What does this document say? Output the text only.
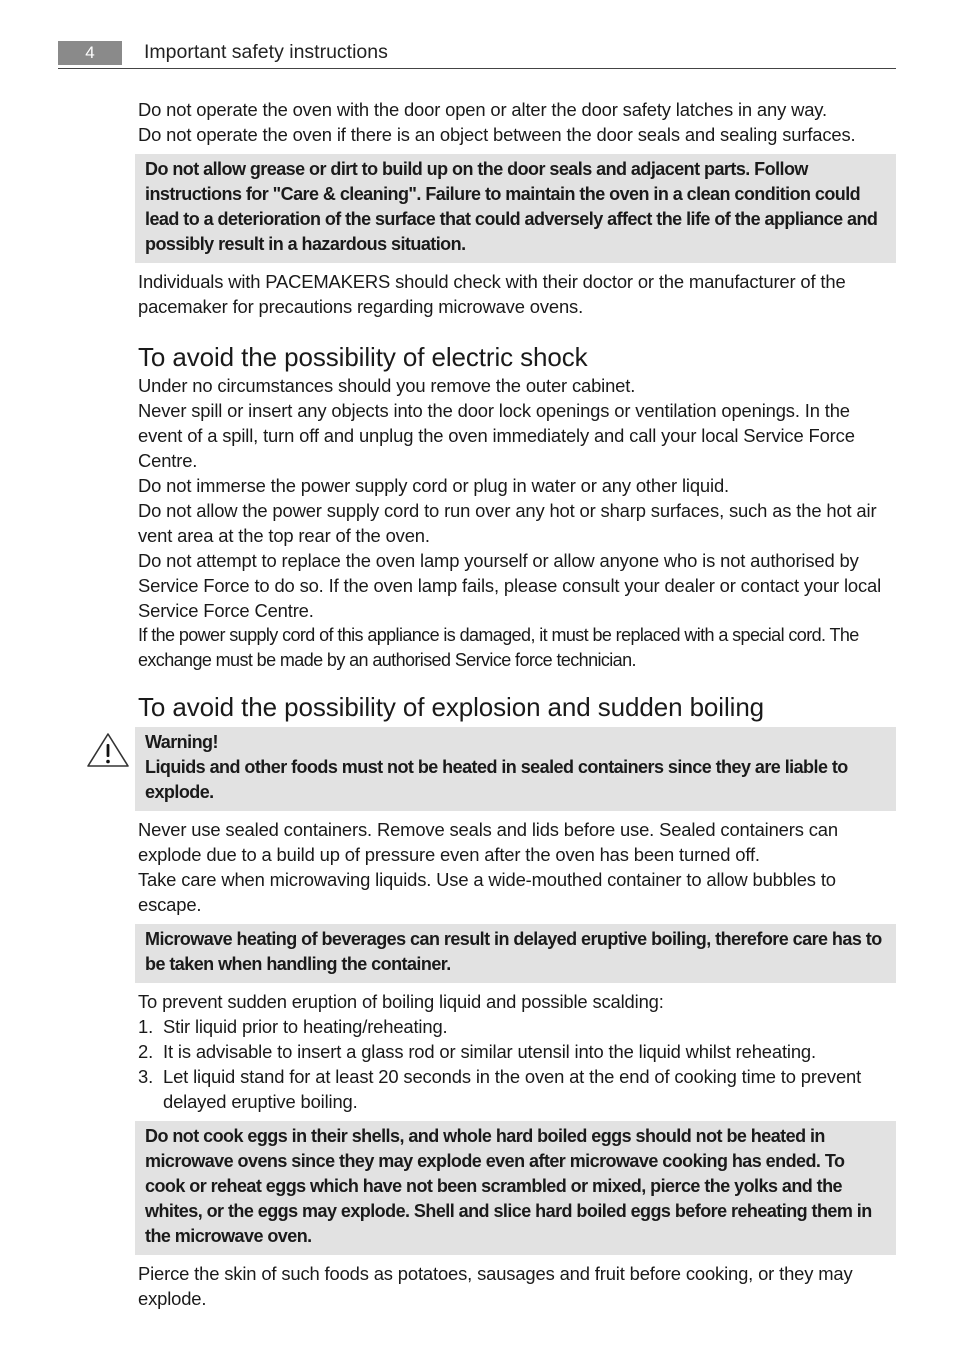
4	Important safety instructions

Do not operate the oven with the door open or alter the door safety latches in any way.

Do not operate the oven if there is an object between the door seals and sealing surfaces.

Do not allow grease or dirt to build up on the door seals and adjacent parts. Follow instructions for "Care & cleaning". Failure to maintain the oven in a clean condition could lead to a deterioration of the surface that could adversely affect the life of the appliance and possibly result in a hazardous situation.

Individuals with PACEMAKERS should check with their doctor or the manufacturer of the pacemaker for precautions regarding microwave ovens.

To avoid the possibility of electric shock

Under no circumstances should you remove the outer cabinet.

Never spill or insert any objects into the door lock openings or ventilation openings. In the event of a spill, turn off and unplug the oven immediately and call your local Service Force Centre.

Do not immerse the power supply cord or plug in water or any other liquid.

Do not allow the power supply cord to run over any hot or sharp surfaces, such as the hot air vent area at the top rear of the oven.

Do not attempt to replace the oven lamp yourself or allow anyone who is not authorised by Service Force to do so. If the oven lamp fails, please consult your dealer or contact your local Service Force Centre.

If the power supply cord of this appliance is damaged, it must be replaced with a special cord. The exchange must be made by an authorised Service force technician.

To avoid the possibility of explosion and sudden boiling

Warning!

Liquids and other foods must not be heated in sealed containers since they are liable to explode.

Never use sealed containers. Remove seals and lids before use. Sealed containers can explode due to a build up of pressure even after the oven has been turned off.

Take care when microwaving liquids. Use a wide-mouthed container to allow bubbles to escape.

Microwave heating of beverages can result in delayed eruptive boiling, therefore care has to be taken when handling the container.

To prevent sudden eruption of boiling liquid and possible scalding:

1. Stir liquid prior to heating/reheating.
2. It is advisable to insert a glass rod or similar utensil into the liquid whilst reheating.
3. Let liquid stand for at least 20 seconds in the oven at the end of cooking time to prevent delayed eruptive boiling.

Do not cook eggs in their shells, and whole hard boiled eggs should not be heated in microwave ovens since they may explode even after microwave cooking has ended. To cook or reheat eggs which have not been scrambled or mixed, pierce the yolks and the whites, or the eggs may explode. Shell and slice hard boiled eggs before reheating them in the microwave oven.

Pierce the skin of such foods as potatoes, sausages and fruit before cooking, or they may explode.
